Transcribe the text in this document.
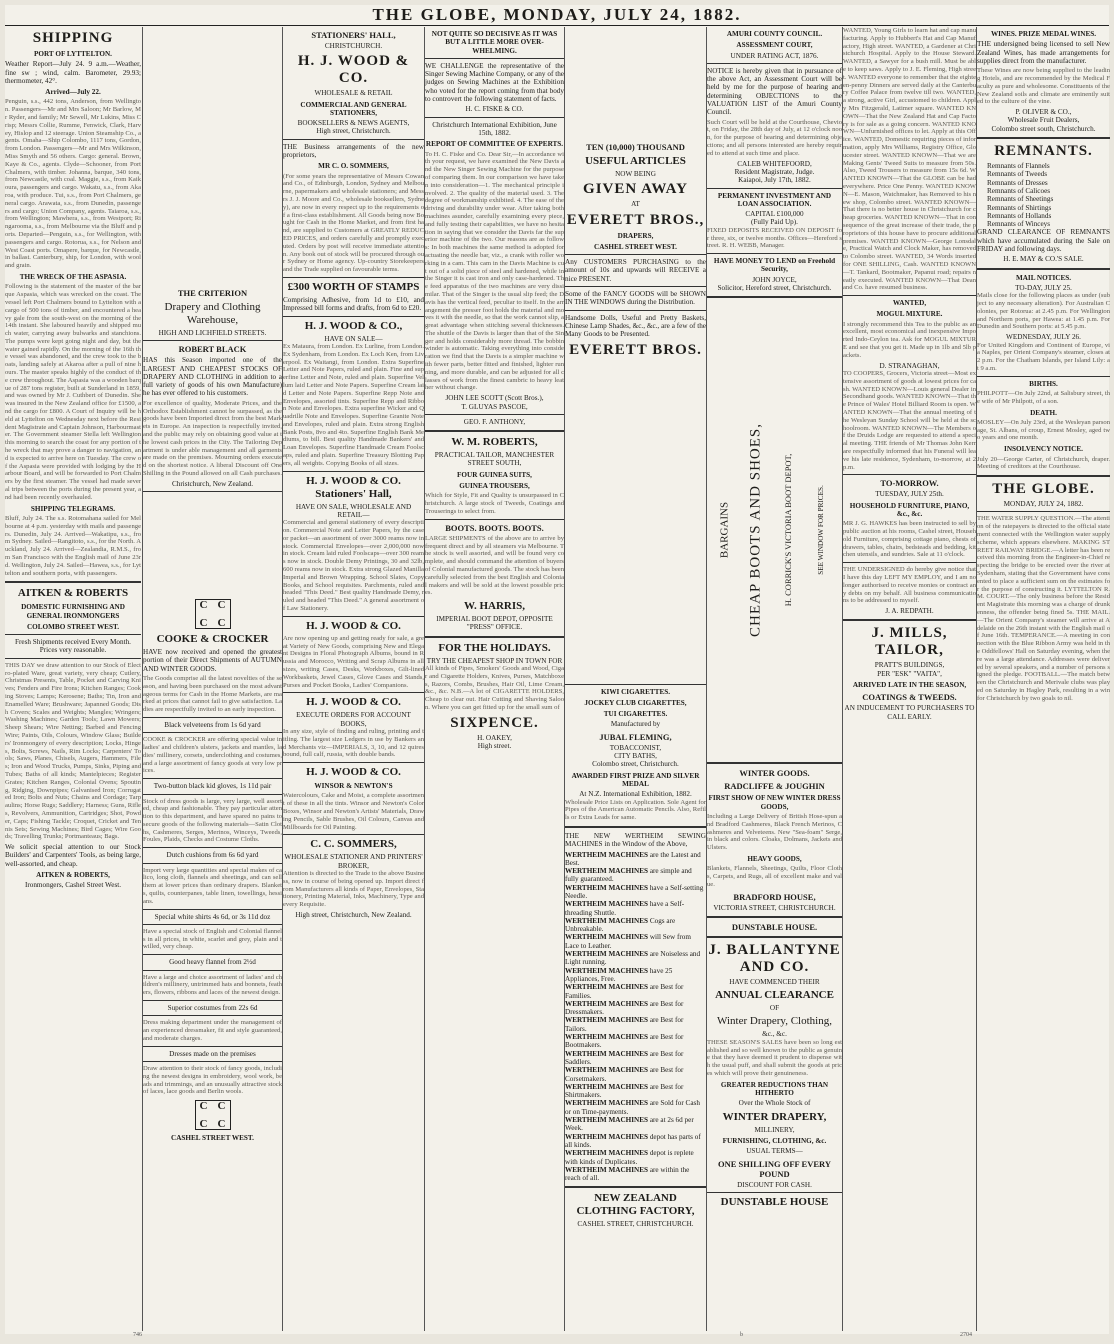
THE GLOBE, MONDAY, JULY 24, 1882.
SHIPPING
PORT OF LYTTELTON.

Weather Report—July 24. 9 a.m.—Weather, fine sw ; wind, calm. Barometer, 29.93; thermometer, 42°.

Arrived—July 22.

Penguin, s.s., 442 tons, Anderson, from Wellington. Passengers—Mr and Mrs Saloon; Mr Barlow, Mr Ryder, and family; Mr Sewell, Mr Lukins, Miss Crisp; Messrs Collie, Rumme, Fenwick, Clark, Harvey, Hislop and 12 steerage. Union Steamship Co., agents. Omaha—Ship Colombo, 1117 tons, Gordon, from London. Passengers—Mr and Mrs Wilkinson, Miss Smyth and 56 others. Cargo: general. Brown, Kaye & Co., agents. Clyde—Schooner, from Port Chalmers, with timber. Johanna, barque, 340 tons, from Newcastle, with coal. Maggie, s.s., from Kaikoura, passengers and cargo. Wakatu, s.s., from Akaroa, with produce. Tui, s.s., from Port Chalmers, general cargo. Arawata, s.s., from Dunedin, passengers and cargo; Union Company, agents. Taiaroa, s.s., from Wellington; Mawhera, s.s., from Westport; Ringarooma, s.s., from Melbourne via the Bluff and ports. Departed—Penguin, s.s., for Wellington, with passengers and cargo. Rotorua, s.s., for Nelson and West Coast ports. Omapere, barque, for Newcastle, in ballast. Canterbury, ship, for London, with wool and grain.

THE WRECK OF THE ASPASIA.

Following is the statement of the master of the barque Aspasia, which was wrecked on the coast. The vessel left Port Chalmers bound to Lyttelton with a cargo of 500 tons of timber, and encountered a heavy gale from the south-west on the morning of the 14th instant. She laboured heavily and shipped much water, carrying away bulwarks and stanchions. The pumps were kept going night and day, but the water gained rapidly. On the morning of the 16th the vessel was abandoned, and the crew took to the boats, landing safely at Akaroa after a pull of nine hours. The master speaks highly of the conduct of the crew throughout. The Aspasia was a wooden barque of 287 tons register, built at Sunderland in 1859, and was owned by Mr J. Cuthbert of Dunedin. She was insured in the New Zealand office for £1500, and the cargo for £800. A Court of Inquiry will be held at Lyttelton on Wednesday next before the Resident Magistrate and Captain Johnson, Harbourmaster. The Government steamer Stella left Wellington this morning to search the coast for any portion of the wreck that may prove a danger to navigation, and is expected to arrive here on Tuesday. The crew of the Aspasia were provided with lodging by the Harbour Board, and will be forwarded to Port Chalmers by the first steamer. The vessel had made several trips between the ports during the present year, and had been recently overhauled.

SHIPPING TELEGRAMS.

Bluff, July 24. The s.s. Rotomahana sailed for Melbourne at 4 p.m. yesterday with mails and passengers. Dunedin, July 24. Arrived—Wakatipu, s.s., from Sydney. Sailed—Rangitoto, s.s., for the North. Auckland, July 24. Arrived—Zealandia, R.M.S., from San Francisco with the English mail of June 23rd. Wellington, July 24. Sailed—Hawea, s.s., for Lyttelton and southern ports, with passengers.

AITKEN & ROBERTS
DOMESTIC FURNISHING AND GENERAL IRONMONGERS
COLOMBO STREET WEST.
Fresh Shipments received Every Month.
Prices very reasonable.

THIS DAY we draw attention to our Stock of Electro-plated Ware, great variety, very cheap; Cutlery, Christmas Presents, Table, Pocket and Carving Knives; Fenders and Fire Irons; Kitchen Ranges; Cooking Stoves; Lamps; Kerosene; Baths; Tin, Iron and Enamelled Ware; Brushware; Japanned Goods; Dish Covers; Scales and Weights; Mangles; Wringers; Washing Machines; Garden Tools; Lawn Mowers; Sheep Shears; Wire Netting; Barbed and Fencing Wire; Paints, Oils, Colours, Window Glass; Builders' Ironmongery of every description; Locks, Hinges, Bolts, Screws, Nails, Rim Locks; Carpenters' Tools; Saws, Planes, Chisels, Augers, Hammers, Files; Iron and Wood Trucks, Pumps, Sinks, Piping and Tubes; Baths of all kinds; Mantelpieces; Register Grates; Kitchen Ranges, Colonial Ovens; Spouting, Ridging, Downpipes; Galvanised Iron; Corrugated Iron; Bolts and Nuts; Chains and Cordage; Tarpaulins; Horse Rugs; Saddlery; Harness; Guns, Rifles, Revolvers, Ammunition, Cartridges; Shot, Powder, Caps; Fishing Tackle; Croquet, Cricket and Tennis Sets; Sewing Machines; Bird Cages; Wire Goods; Travelling Trunks; Portmanteaus; Bags.

We solicit special attention to our Stock Builders' and Carpenters' Tools, as being large, well-assorted, and cheap.

AITKEN & ROBERTS,
Ironmongers, Cashel Street West.
THE CRITERION
Drapery and Clothing Warehouse,
HIGH AND LICHFIELD STREETS.
ROBERT BLACK

HAS this Season imported one of the LARGEST AND CHEAPEST STOCKS OF DRAPERY AND CLOTHING in addition to a full variety of goods of his own Manufacture) he has ever offered to his customers.

For excellence of quality, Moderate Prices, and the Orthodox Establishment cannot be surpassed, as the goods have been Imported direct from the best Markets in Europe. An inspection is respectfully invited, and the public may rely on obtaining good value at the lowest cash prices in the City. The Tailoring Department is under able management and all garments are made on the premises. Mourning orders executed on the shortest notice. A liberal Discount off One Shilling in the Pound allowed on all Cash purchases.

Christchurch, New Zealand.
C C
C C
COOKE & CROCKER

HAVE now received and opened the greatest portion of their Direct Shipments of AUTUMN AND WINTER GOODS.

The Goods comprise all the latest novelties of the season, and having been purchased on the most advantageous terms for Cash in the Home Markets, are marked at prices that cannot fail to give satisfaction. Ladies are respectfully invited to an early inspection.

Black velveteens from 1s 6d yard

COOKE & CROCKER are offering special value in ladies' and children's ulsters, jackets and mantles, ladies' millinery, corsets, underclothing and costumes, and a large assortment of fancy goods at very low prices.

Two-button black kid gloves, 1s 11d pair

Stock of dress goods is large, very large, well assorted, cheap and fashionable. They pay particular attention to this department, and have spared no pains to secure goods of the following materials—Satin Cloths, Cashmeres, Serges, Merinos, Winceys, Tweeds, Foules, Plaids, Checks and Costume Cloths.

Dutch cushions from 6s 6d yard

Import very large quantities and special makes of calico, long cloth, flannels and sheetings, and can sell them at lower prices than ordinary drapers. Blankets, quilts, counterpanes, table linen, towellings, hessians.

Special white shirts 4s 6d, or 3s 11d doz

Have a special stock of English and Colonial flannels in all prices, in white, scarlet and grey, plain and twilled, very cheap.

Good heavy flannel from 2½d

Have a large and choice assortment of ladies' and children's millinery, untrimmed hats and bonnets, feathers, flowers, ribbons and laces of the newest design.

Superior costumes from 22s 6d

Dress making department under the management of an experienced dressmaker, fit and style guaranteed, and moderate charges.

Dresses made on the premises

Draw attention to their stock of fancy goods, including the newest designs in embroidery, wool work, beads and trimmings, and an unusually attractive stock of laces, lace goods and Berlin wools.

C C
C C
CASHEL STREET WEST.
STATIONERS' HALL,
CHRISTCHURCH.
H. J. WOOD & CO.
WHOLESALE & RETAIL
COMMERCIAL AND GENERAL STATIONERS,
BOOKSELLERS & NEWS AGENTS,
High street, Christchurch.

THE Business arrangements of the new proprietors,

MR C. O. SOMMERS,

(For some years the representative of Messrs Cowan and Co., of Edinburgh, London, Sydney and Melbourne, papermakers and wholesale stationers; and Messrs J. J. Moore and Co., wholesale booksellers, Sydney), are now in every respect up to the requirements of a first-class establishment. All Goods being now Bought for Cash in the Home Market, and from first hand, are supplied to Customers at GREATLY REDUCED PRICES, and orders carefully and promptly executed. Orders by post will receive immediate attention. Any book out of stock will be procured through our Sydney or Home agency. Up-country Storekeepers and the Trade supplied on favourable terms.

£300 WORTH OF STAMPS

Comprising Adhesive, from 1d to £10, and Impressed bill forms and drafts, from 6d to £20.

H. J. WOOD & CO.,
HAVE ON SALE—

Ex Mataura, from London. Ex Lurline, from London. Ex Sydenham, from London. Ex Loch Ken, from Liverpool. Ex Waitangi, from London. Extra Superfine Letter and Note Papers, ruled and plain. Fine and superfine Letter and Note, ruled and plain. Superfine Vellum laid Letter and Note Papers. Superfine Cream laid Letter and Note Papers. Superfine Repp Note and Envelopes, assorted tints. Superfine Repp and Ribbon Note and Envelopes. Extra superfine Wicker and Quadrille Note and Envelopes. Superfine Granite Note and Envelopes, ruled and plain. Extra strong English Bank Posts, 8vo and 4to. Superfine English Bank Mediums, to bill. Best quality Handmade Bankers' and Loan Envelopes. Superfine Handmade Cream Foolscaps, ruled and plain. Superfine Treasury Blotting Papers, all weights. Copying Books of all sizes.

H. J. WOOD & CO. Stationers' Hall,
HAVE ON SALE, WHOLESALE AND RETAIL—

Commercial and general stationery of every description. Commercial Note and Letter Papers, by the case or packet—an assortment of over 3000 reams now in stock. Commercial Envelopes—over 2,000,000 now in stock. Cream laid ruled Foolscaps—over 300 reams now in stock. Double Demy Printings, 30 and 32lb, 600 reams now in stock. Extra strong Glazed Manilla Imperial and Brown Wrapping. School Slates, Copy Books, and School requisites. Parchments, ruled and headed "This Deed." Best quality Handmade Demy, ruled and headed "This Deed." A general assortment of Law Stationery.

H. J. WOOD & CO.

Are now opening up and getting ready for sale, a great Variety of New Goods, comprising New and Elegant Designs in Floral Photograph Albums, bound in Russia and Morocco, Writing and Scrap Albums in all sizes, writing Cases, Desks, Workboxes, Gilt-lined Workbaskets, Jewel Cases, Glove Cases and Stands, Purses and Pocket Books, Ladies' Companions.

H. J. WOOD & CO.
EXECUTE ORDERS FOR ACCOUNT BOOKS,

In any size, style of finding and ruling, printing and titling. The largest size Ledgers in use by Bankers and Merchants viz—IMPERIALS, 3, 10, and 12 quires bound, full calf, russia, with double bands.

H. J. WOOD & CO.
WINSOR & NEWTON'S

Watercolours, Cake and Moist, a complete assortment of these in all the tints. Winsor and Newton's Color Boxes, Winsor and Newton's Artists' Materials, Drawing Pencils, Sable Brushes, Oil Colours, Canvas and Millboards for Oil Painting.

C. C. SOMMERS,
WHOLESALE STATIONER AND PRINTERS' BROKER,

Attention is directed to the Trade to the above Business, now in course of being opened up. Import direct from Manufacturers all kinds of Paper, Envelopes, Stationery, Printing Material, Inks, Machinery, Type and every Requisite.

High street, Christchurch, New Zealand.
NOT QUITE SO DECISIVE AS IT WAS BUT A LITTLE MORE OVER-WHELMING.

WE CHALLENGE the representative of the Singer Sewing Machine Company, or any of the judges on Sewing Machines at the Exhibition who voted for the report coming from that body to controvert the following statement of facts.

H. C. FISKE & CO.
Christchurch International Exhibition, June 15th, 1882.
REPORT OF COMMITTEE OF EXPERTS.

To H. C. Fiske and Co. Dear Sir,—In accordance with your request, we have examined the New Davis and the New Singer Sewing Machine for the purpose of comparing them. In our comparison we have taken into consideration—1. The mechanical principle involved. 2. The quality of the material used. 3. The degree of workmanship exhibited. 4. The ease of the driving and durability under wear. After taking both machines asunder, carefully examining every piece, and fully testing their capabilities, we have no hesitation in saying that we consider the Davis far the superior machine of the two. Our reasons are as follows: In both machines the same method is adopted for actuating the needle bar, viz., a crank with roller working in a cam. This cam in the Davis Machine is cut out of a solid piece of steel and hardened, while in the Singer it is cast iron and only case-hardened. The feed apparatus of the two machines are very dissimilar. That of the Singer is the usual slip feed; the Davis has the vertical feed, peculiar to itself. In the arrangement the presser foot holds the material and moves it with the needle, so that the work cannot slip, a great advantage when stitching several thicknesses. The shuttle of the Davis is larger than that of the Singer and holds considerably more thread. The bobbin winder is automatic. Taking everything into consideration we find that the Davis is a simpler machine with fewer parts, better fitted and finished, lighter running, and more durable, and can be adjusted for all classes of work from the finest cambric to heavy leather without change.

JOHN LEE SCOTT (Scott Bros.),
T. GLUYAS PASCOE,
GEO. F. ANTHONY,
W. M. ROBERTS,
PRACTICAL TAILOR, MANCHESTER STREET SOUTH,
FOUR GUINEA SUITS,
GUINEA TROUSERS,

Which for Style, Fit and Quality is unsurpassed in Christchurch. A large stock of Tweeds, Coatings and Trouserings to select from.

BOOTS. BOOTS. BOOTS.

LARGE SHIPMENTS of the above are to arrive by frequent direct and by all steamers via Melbourne. The stock is well assorted, and will be found very complete, and should command the attention of buyers of Colonial manufactured goods. The stock has been carefully selected from the best English and Colonial makers and will be sold at the lowest possible prices.

W. HARRIS,
IMPERIAL BOOT DEPOT, OPPOSITE "PRESS" OFFICE.
FOR THE HOLIDAYS.
TRY THE CHEAPEST SHOP IN TOWN FOR

All kinds of Pipes, Smokers' Goods and Wood, Cigar and Cigarette Holders, Knives, Purses, Matchboxes, Razors, Combs, Brushes, Hair Oil, Lime Cream, &c., &c. N.B.—A lot of CIGARETTE HOLDERS, Cheap to clear out. Hair Cutting and Shaving Saloon. Where you can get fitted up for the small sum of

SIXPENCE.
H. OAKEY,
High street.
TEN (10,000) THOUSAND
USEFUL ARTICLES
NOW BEING
GIVEN AWAY
AT
EVERETT BROS.,
DRAPERS,
CASHEL STREET WEST.

Any CUSTOMERS PURCHASING to the amount of 10s and upwards will RECEIVE a nice PRESENT.

Some of the FANCY GOODS will be SHOWN IN THE WINDOWS during the Distribution.

Handsome Dolls, Useful and Pretty Baskets, Chinese Lamp Shades, &c., &c., are a few of the Many Goods to be Presented.

EVERETT BROS.
KIWI CIGARETTES.
JOCKEY CLUB CIGARETTES,
TUI CIGARETTES.
Manufactured by
JUBAL FLEMING,
TOBACCONIST,
CITY BATHS,
Colombo street, Christchurch.
AWARDED FIRST PRIZE AND SILVER MEDAL
At N.Z. International Exhibition, 1882.

Wholesale Price Lists on Application. Sole Agent for Pipes of the American Automatic Pencils. Also, Refills or Extra Leads for same.

THE NEW WERTHEIM SEWING MACHINES in the Window of the Above,

WERTHEIM MACHINES are the Latest and Best.
WERTHEIM MACHINES are simple and fully guaranteed.
WERTHEIM MACHINES have a Self-setting Needle.
WERTHEIM MACHINES have a Self-threading Shuttle.
WERTHEIM MACHINES Cogs are Unbreakable.
WERTHEIM MACHINES will Sew from Lace to Leather.
WERTHEIM MACHINES are Noiseless and Light running.
WERTHEIM MACHINES have 25 Appliances, Free.
WERTHEIM MACHINES are Best for Families.
WERTHEIM MACHINES are Best for Dressmakers.
WERTHEIM MACHINES are Best for Tailors.
WERTHEIM MACHINES are Best for Bootmakers.
WERTHEIM MACHINES are Best for Saddlers.
WERTHEIM MACHINES are Best for Corsetmakers.
WERTHEIM MACHINES are Best for Shirtmakers.
WERTHEIM MACHINES are Sold for Cash or on Time-payments.
WERTHEIM MACHINES are at 2s 6d per Week.
WERTHEIM MACHINES depot has parts of all kinds.
WERTHEIM MACHINES depot is replete with kinds of Duplicates.
WERTHEIM MACHINES are within the reach of all.
NEW ZEALAND CLOTHING FACTORY,
CASHEL STREET, CHRISTCHURCH.
AMURI COUNTY COUNCIL.
ASSESSMENT COURT,
UNDER RATING ACT, 1876.

NOTICE is hereby given that in pursuance of the above Act, an Assessment Court will be held by me for the purpose of hearing and determining OBJECTIONS to the VALUATION LIST of the Amuri County Council.

Such Court will be held at the Courthouse, Cheviot, on Friday, the 28th day of July, at 12 o'clock noon, for the purpose of hearing and determining objections; and all persons interested are hereby required to attend at such time and place.

CALEB WHITEFOORD,
Resident Magistrate, Judge.
Kaiapoi, July 17th, 1882.
PERMANENT INVESTMENT AND LOAN ASSOCIATION.
CAPITAL £100,000
(Fully Paid Up).

FIXED DEPOSITS RECEIVED ON DEPOSIT for three, six, or twelve months. Offices—Hereford street. R. H. WEBB, Manager.

HAVE MONEY TO LEND on Freehold Security,
JOHN JOYCE,
Solicitor, Hereford street, Christchurch.
BARGAINS CHEAP BOOTS AND SHOES, H. CORRICK'S VICTORIA BOOT DEPOT,	SEE WINDOW FOR PRICES.
WINTER GOODS.
RADCLIFFE & JOUGHIN
FIRST SHOW OF NEW WINTER DRESS GOODS,

Including a Large Delivery of British Hose-spun and Bradford Cashmeres, Black French Merinos, Cashmeres and Velveteens. New "Sea-foam" Serge, in black and colors. Cloaks, Dolmans, Jackets and Ulsters.

HEAVY GOODS,

Blankets, Flannels, Sheetings, Quilts, Floor Cloths, Carpets, and Rugs, all of excellent make and value.

BRADFORD HOUSE,
VICTORIA STREET, CHRISTCHURCH.
DUNSTABLE HOUSE.
J. BALLANTYNE AND CO.
HAVE COMMENCED THEIR
ANNUAL CLEARANCE
OF
Winter Drapery, Clothing,
&c., &c.

THESE SEASON'S SALES have been so long established and so well known to the public as genuine that they have deemed it prudent to dispense with the usual puff, and shall submit the goods at prices which will prove their genuineness.

GREATER REDUCTIONS THAN HITHERTO
Over the Whole Stock of
WINTER DRAPERY,
MILLINERY,
FURNISHING, CLOTHING, &c.
USUAL TERMS—
ONE SHILLING OFF EVERY POUND
DISCOUNT FOR CASH.
DUNSTABLE HOUSE

WANTED, Young Girls to learn hat and cap manufacturing. Apply to Hubbert's Hat and Cap Manufactory, High street. WANTED, a Gardener at Christchurch Hospital. Apply to the House Steward. WANTED, a Sawyer for a bush mill. Must be able to keep saws. Apply to J. E. Fleming, High street. WANTED everyone to remember that the eighteen-penny Dinners are served daily at the Canterbury Coffee Palace from twelve till two. WANTED, a strong, active Girl, accustomed to children. Apply Mrs Fitzgerald, Latimer square. WANTED KNOWN—That the New Zealand Hat and Cap Factory is for sale as a going concern. WANTED KNOWN—Unfurnished offices to let. Apply at this Office. WANTED, Domestic requiring pieces of information, apply Mrs Williams, Registry Office, Gloucester street. WANTED KNOWN—That we are Making Gents' Tweed Suits to measure from 50s. Also, Tweed Trousers to measure from 15s 6d. WANTED KNOWN—That the GLOBE can be had everywhere. Price One Penny. WANTED KNOWN—E. Mason, Watchmaker, has Removed to his new shop, Colombo street. WANTED KNOWN—That there is no better house in Christchurch for cheap groceries. WANTED KNOWN—That in consequence of the great increase of their trade, the proprietors of this house have to procure additional premises. WANTED KNOWN—George Lonsdale, Practical Watch and Clock Maker, has removed to Colombo street. WANTED, 34 Words inserted for ONE SHILLING, Cash. WANTED KNOWN—T. Tankard, Bootmaker, Papanui road; repairs neatly executed. WANTED KNOWN—That Dean and Co. have resumed business.

WANTED,
MOGUL MIXTURE.

I strongly recommend this Tea to the public as an excellent, most economical and inexpensive Imported Indo-Ceylon tea. Ask for MOGUL MIXTURE and see that you get it. Made up in 1lb and 5lb packets.

D. STRANAGHAN,

TO COOPERS, Grocers, Victoria street—Most extensive assortment of goods at lowest prices for cash. WANTED KNOWN—Louis general Dealer in Secondhand goods. WANTED KNOWN—That the Prince of Wales' Hotel Billiard Room is open. WANTED KNOWN—That the annual meeting of the Wesleyan Sunday School will be held at the schoolroom. WANTED KNOWN—The Members of the Druids Lodge are requested to attend a special meeting. THE friends of Mr Thomas John Kerr are respectfully informed that his Funeral will leave his late residence, Sydenham, to-morrow, at 2 p.m.

TO-MORROW.
TUESDAY, JULY 25th.
HOUSEHOLD FURNITURE, PIANO, &c., &c.

MR J. G. HAWKES has been instructed to sell by public auction at his rooms, Cashel street, Household Furniture, comprising cottage piano, chests of drawers, tables, chairs, bedsteads and bedding, kitchen utensils, and sundries. Sale at 11 o'clock.

THE UNDERSIGNED do hereby give notice that I have this day LEFT MY EMPLOY, and I am no longer authorised to receive monies or contract any debts on my behalf. All business communications to be addressed to myself.

J. A. REDPATH.
J. MILLS, TAILOR,
PRATT'S BUILDINGS,
PER "ESK" "VAITA",
ARRIVED LATE IN THE SEASON,
COATINGS & TWEEDS.
AN INDUCEMENT TO PURCHASERS TO CALL EARLY.
WINES. PRIZE MEDAL WINES.

THE undersigned being licensed to sell New Zealand Wines, has made arrangements for supplies direct from the manufacturer.

These Wines are now being supplied to the leading Hotels, and are recommended by the Medical Faculty as pure and wholesome. Constituents of the New Zealand soils and climate are eminently suited to the culture of the vine.

P. OLIVER & CO.,
Wholesale Fruit Dealers,
Colombo street south, Christchurch.
REMNANTS.
Remnants of Flannels
Remnants of Tweeds
Remnants of Dresses
Remnants of Calicoes
Remnants of Sheetings
Remnants of Shirtings
Remnants of Hollands
Remnants of Winceys

GRAND CLEARANCE OF REMNANTS which have accumulated during the Sale on FRIDAY and following days.

H. E. MAY & CO.'S SALE.
MAIL NOTICES.
TO-DAY, JULY 25.

Mails close for the following places as under (subject to any necessary alteration). For Australian Colonies, per Rotorua: at 2.45 p.m. For Wellington and Northern ports, per Hawea: at 1.45 p.m. For Dunedin and Southern ports: at 5.45 p.m.

WEDNESDAY, JULY 26.

For United Kingdom and Continent of Europe, via Naples, per Orient Company's steamer, closes at 2 p.m. For the Chatham Islands, per Island Lily: at 9 a.m.

BIRTHS.

PHILPOTT—On July 22nd, at Salisbury street, the wife of Mr Philpott, of a son.

DEATH.

MOSLEY—On July 23rd, at the Wesleyan parsonage, St. Albans, of croup, Ernest Mosley, aged two years and one month.

INSOLVENCY NOTICE.

July 20—George Carter, of Christchurch, draper. Meeting of creditors at the Courthouse.

THE GLOBE.
MONDAY, JULY 24, 1882.

THE WATER SUPPLY QUESTION.—The attention of the ratepayers is directed to the official statement connected with the Wellington water supply scheme, which appears elsewhere. MAKING STREET RAILWAY BRIDGE.—A letter has been received this morning from the Engineer-in-Chief respecting the bridge to be erected over the river at Sydenham, stating that the Government have consented to place a sufficient sum on the estimates for the purpose of constructing it. LYTTELTON R. M. COURT.—The only business before the Resident Magistrate this morning was a charge of drunkenness, the offender being fined 5s. THE MAIL.—The Orient Company's steamer will arrive at Adelaide on the 26th instant with the English mail of June 16th. TEMPERANCE.—A meeting in connection with the Blue Ribbon Army was held in the Oddfellows' Hall on Saturday evening, when there was a large attendance. Addresses were delivered by several speakers, and a number of persons signed the pledge. FOOTBALL.—The match between the Christchurch and Merivale clubs was played on Saturday in Hagley Park, resulting in a win for Christchurch by two goals to nil.

746	b	2704
